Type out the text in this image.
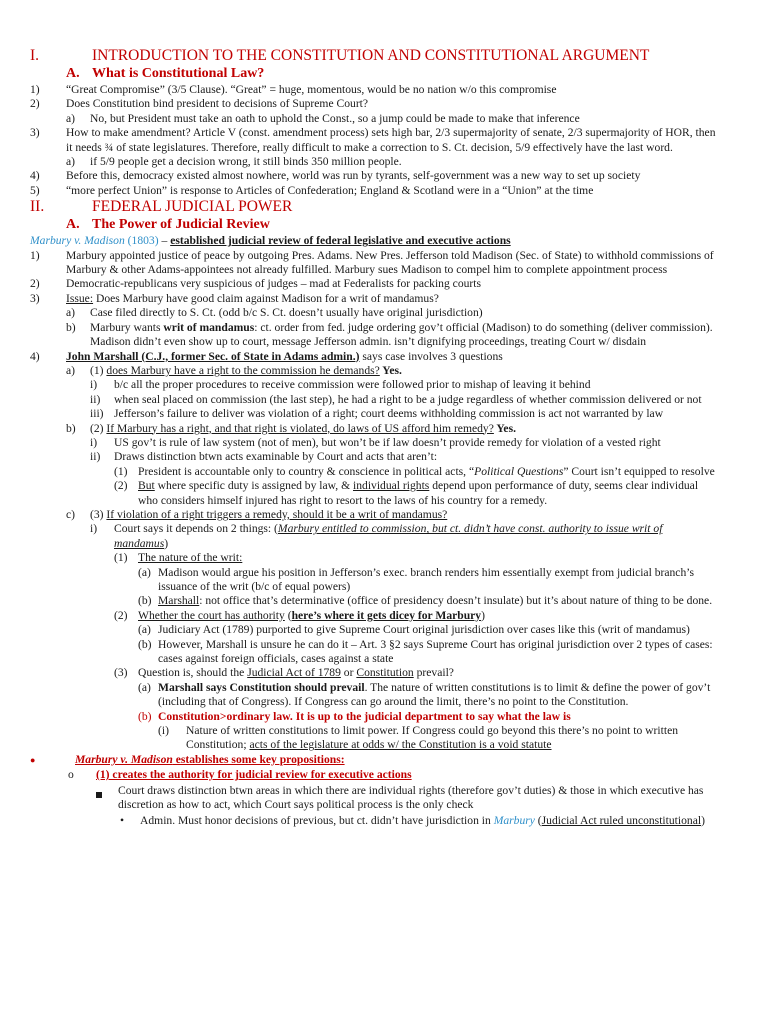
I.	INTRODUCTION TO THE CONSTITUTION AND CONSTITUTIONAL ARGUMENT
A. What is Constitutional Law?
1) “Great Compromise” (3/5 Clause). “Great” = huge, momentous, would be no nation w/o this compromise
2) Does Constitution bind president to decisions of Supreme Court?
a) No, but President must take an oath to uphold the Const., so a jump could be made to make that inference
3) How to make amendment? Article V (const. amendment process) sets high bar, 2/3 supermajority of senate, 2/3 supermajority of HOR, then it needs ¾ of state legislatures. Therefore, really difficult to make a correction to S. Ct. decision, 5/9 effectively have the last word.
a) if 5/9 people get a decision wrong, it still binds 350 million people.
4) Before this, democracy existed almost nowhere, world was run by tyrants, self-government was a new way to set up society
5) “more perfect Union” is response to Articles of Confederation; England & Scotland were in a “Union” at the time
II.	FEDERAL JUDICIAL POWER
A. The Power of Judicial Review
Marbury v. Madison (1803) – established judicial review of federal legislative and executive actions
1) Marbury appointed justice of peace by outgoing Pres. Adams. New Pres. Jefferson told Madison (Sec. of State) to withhold commissions of Marbury & other Adams-appointees not already fulfilled. Marbury sues Madison to compel him to complete appointment process
2) Democratic-republicans very suspicious of judges – mad at Federalists for packing courts
3) Issue: Does Marbury have good claim against Madison for a writ of mandamus?
a) Case filed directly to S. Ct. (odd b/c S. Ct. doesn’t usually have original jurisdiction)
b) Marbury wants writ of mandamus: ct. order from fed. judge ordering gov’t official (Madison) to do something (deliver commission). Madison didn’t even show up to court, message Jefferson admin. isn’t dignifying proceedings, treating Court w/ disdain
4) John Marshall (C.J., former Sec. of State in Adams admin.) says case involves 3 questions
a) (1) does Marbury have a right to the commission he demands? Yes.
i) b/c all the proper procedures to receive commission were followed prior to mishap of leaving it behind
ii) when seal placed on commission (the last step), he had a right to be a judge regardless of whether commission delivered or not
iii) Jefferson’s failure to deliver was violation of a right; court deems withholding commission is act not warranted by law
b) (2) If Marbury has a right, and that right is violated, do laws of US afford him remedy? Yes.
i) US gov’t is rule of law system (not of men), but won’t be if law doesn’t provide remedy for violation of a vested right
ii) Draws distinction btwn acts examinable by Court and acts that aren’t:
(1) President is accountable only to country & conscience in political acts, “Political Questions” Court isn’t equipped to resolve
(2) But where specific duty is assigned by law, & individual rights depend upon performance of duty, seems clear individual who considers himself injured has right to resort to the laws of his country for a remedy.
c) (3) If violation of a right triggers a remedy, should it be a writ of mandamus?
i) Court says it depends on 2 things: (Marbury entitled to commission, but ct. didn’t have const. authority to issue writ of mandamus)
(1) The nature of the writ:
(a) Madison would argue his position in Jefferson’s exec. branch renders him essentially exempt from judicial branch’s issuance of the writ (b/c of equal powers)
(b) Marshall: not office that’s determinative (office of presidency doesn’t insulate) but it’s about nature of thing to be done.
(2) Whether the court has authority (here’s where it gets dicey for Marbury)
(a) Judiciary Act (1789) purported to give Supreme Court original jurisdiction over cases like this (writ of mandamus)
(b) However, Marshall is unsure he can do it – Art. 3 §2 says Supreme Court has original jurisdiction over 2 types of cases: cases against foreign officials, cases against a state
(3) Question is, should the Judicial Act of 1789 or Constitution prevail?
(a) Marshall says Constitution should prevail. The nature of written constitutions is to limit & define the power of gov’t (including that of Congress). If Congress can go around the limit, there’s no point to the Constitution.
(b) Constitution>ordinary law. It is up to the judicial department to say what the law is
(i) Nature of written constitutions to limit power. If Congress could go beyond this there’s no point to written Constitution; acts of the legislature at odds w/ the Constitution is a void statute
●	Marbury v. Madison establishes some key propositions:
o (1) creates the authority for judicial review for executive actions
Court draws distinction btwn areas in which there are individual rights (therefore gov’t duties) & those in which executive has discretion as how to act, which Court says political process is the only check
• Admin. Must honor decisions of previous, but ct. didn’t have jurisdiction in Marbury (Judicial Act ruled unconstitutional)
